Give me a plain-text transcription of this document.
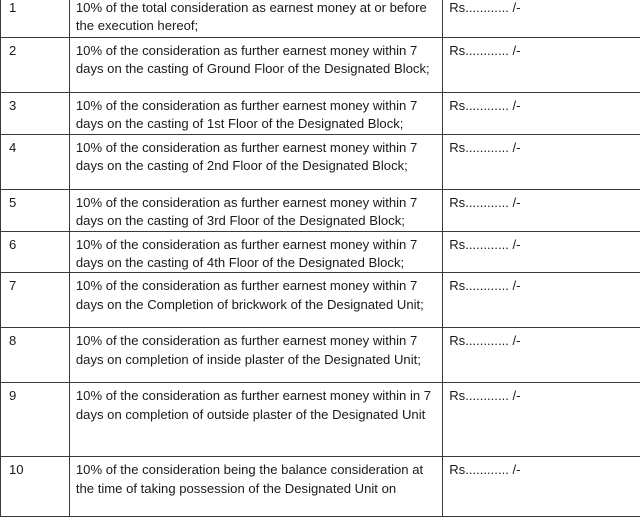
1	10% of the total consideration as earnest money at or before the execution hereof;	Rs............ /-
2	10% of the consideration as further earnest money within 7 days on the casting of Ground Floor of the Designated Block;	Rs............ /-
3	10% of the consideration as further earnest money within 7 days on the casting of 1st Floor of the Designated Block;	Rs............ /-
4	10% of the consideration as further earnest money within 7 days on the casting of 2nd Floor of the Designated Block;	Rs............ /-
5	10% of the consideration as further earnest money within 7 days on the casting of 3rd Floor of the Designated Block;	Rs............ /-
6	10% of the consideration as further earnest money within 7 days on the casting of 4th Floor of the Designated Block;	Rs............ /-
7	10% of the consideration as further earnest money within 7 days on the Completion of brickwork of the Designated Unit;	Rs............ /-
8	10% of the consideration as further earnest money within 7 days on completion of inside plaster of the Designated Unit;	Rs............ /-
9	10% of the consideration as further earnest money within in 7 days on completion of outside plaster of the Designated Unit	Rs............ /-
10	10% of the consideration being the balance consideration at the time of taking possession of the Designated Unit on	Rs............ /-
